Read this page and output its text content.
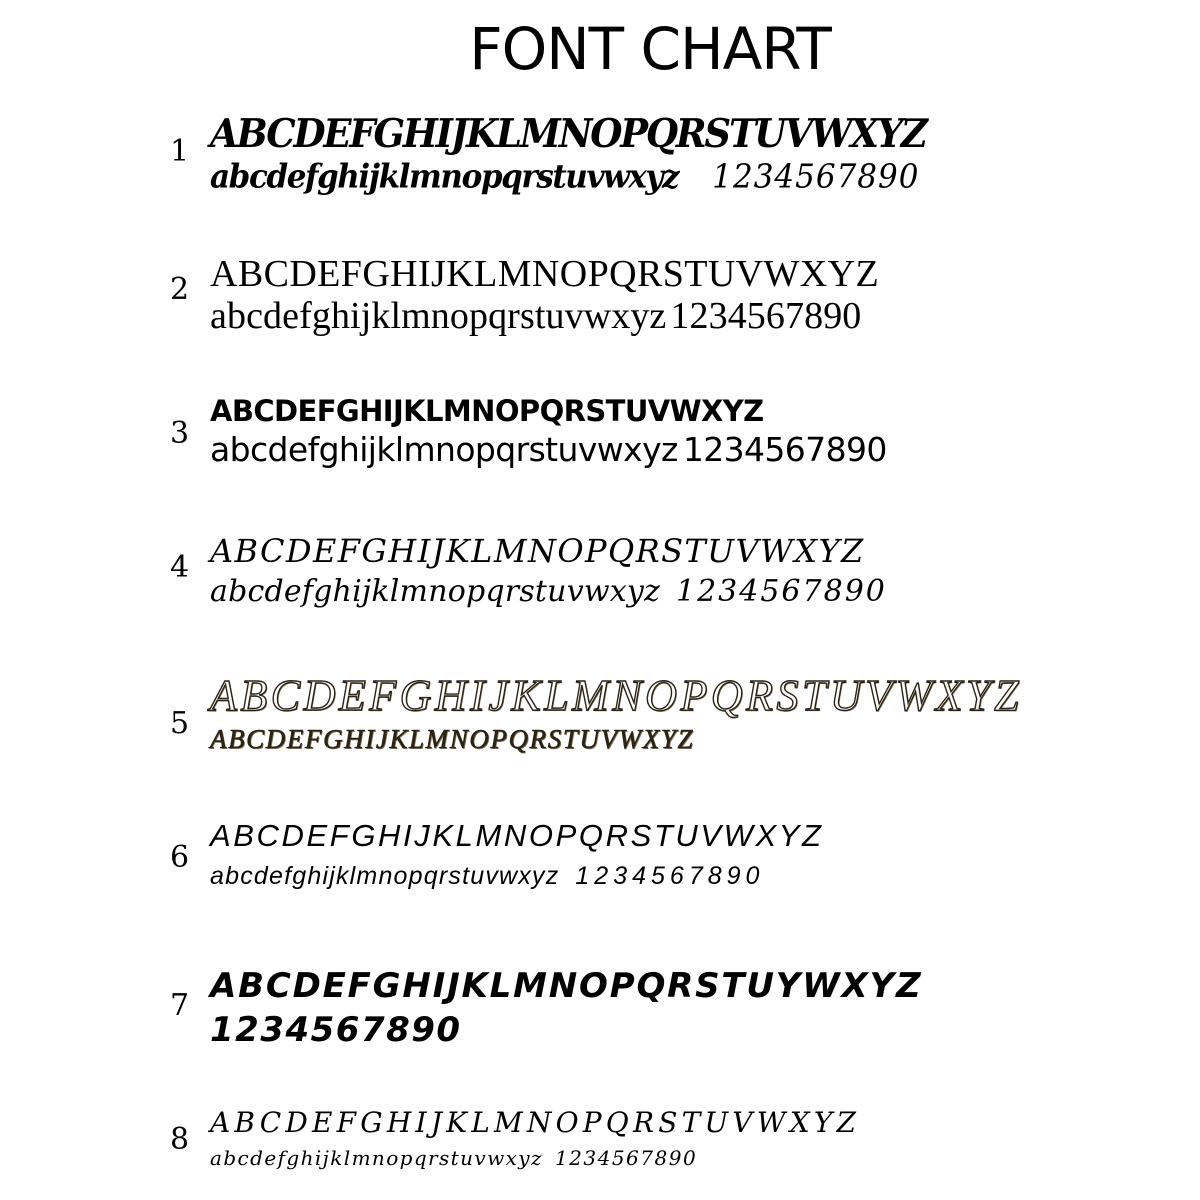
FONT CHART
1 ABCDEFGHIJKLMNOPQRSTUVWXYZ
abcdefghijklmnopqrstuvwxyz 1234567890
2 ABCDEFGHIJKLMNOPQRSTUVWXYZ
abcdefghijklmnopqrstuvwxyz 1234567890
3
ABCDEFGHIJKLMNOPQRSTUVWXYZ
abcdefghijklmnopqrstuvwxyz 1234567890
4 ABCDEFGHIJKLMNOPQRSTUVWXYZ
abcdefghijklmnopqrstuvwxyz 1234567890
5
ABCDEFGHIJKLMNOPQRSTUVWXYZ
ABCDEFGHIJKLMNOPQRSTUVWXYZ
6
ABCDEFGHIJKLMNOPQRSTUVWXYZ
abcdefghijklmnopqrstuvwxyz 1234567890
7 ABCDEFGHIJKLMNOPQRSTUYWXYZ
1234567890
8 ABCDEFGHIJKLMNOPQRSTUVWXYZ
abcdefghijklmnopqrstuvwxyz 1234567890
